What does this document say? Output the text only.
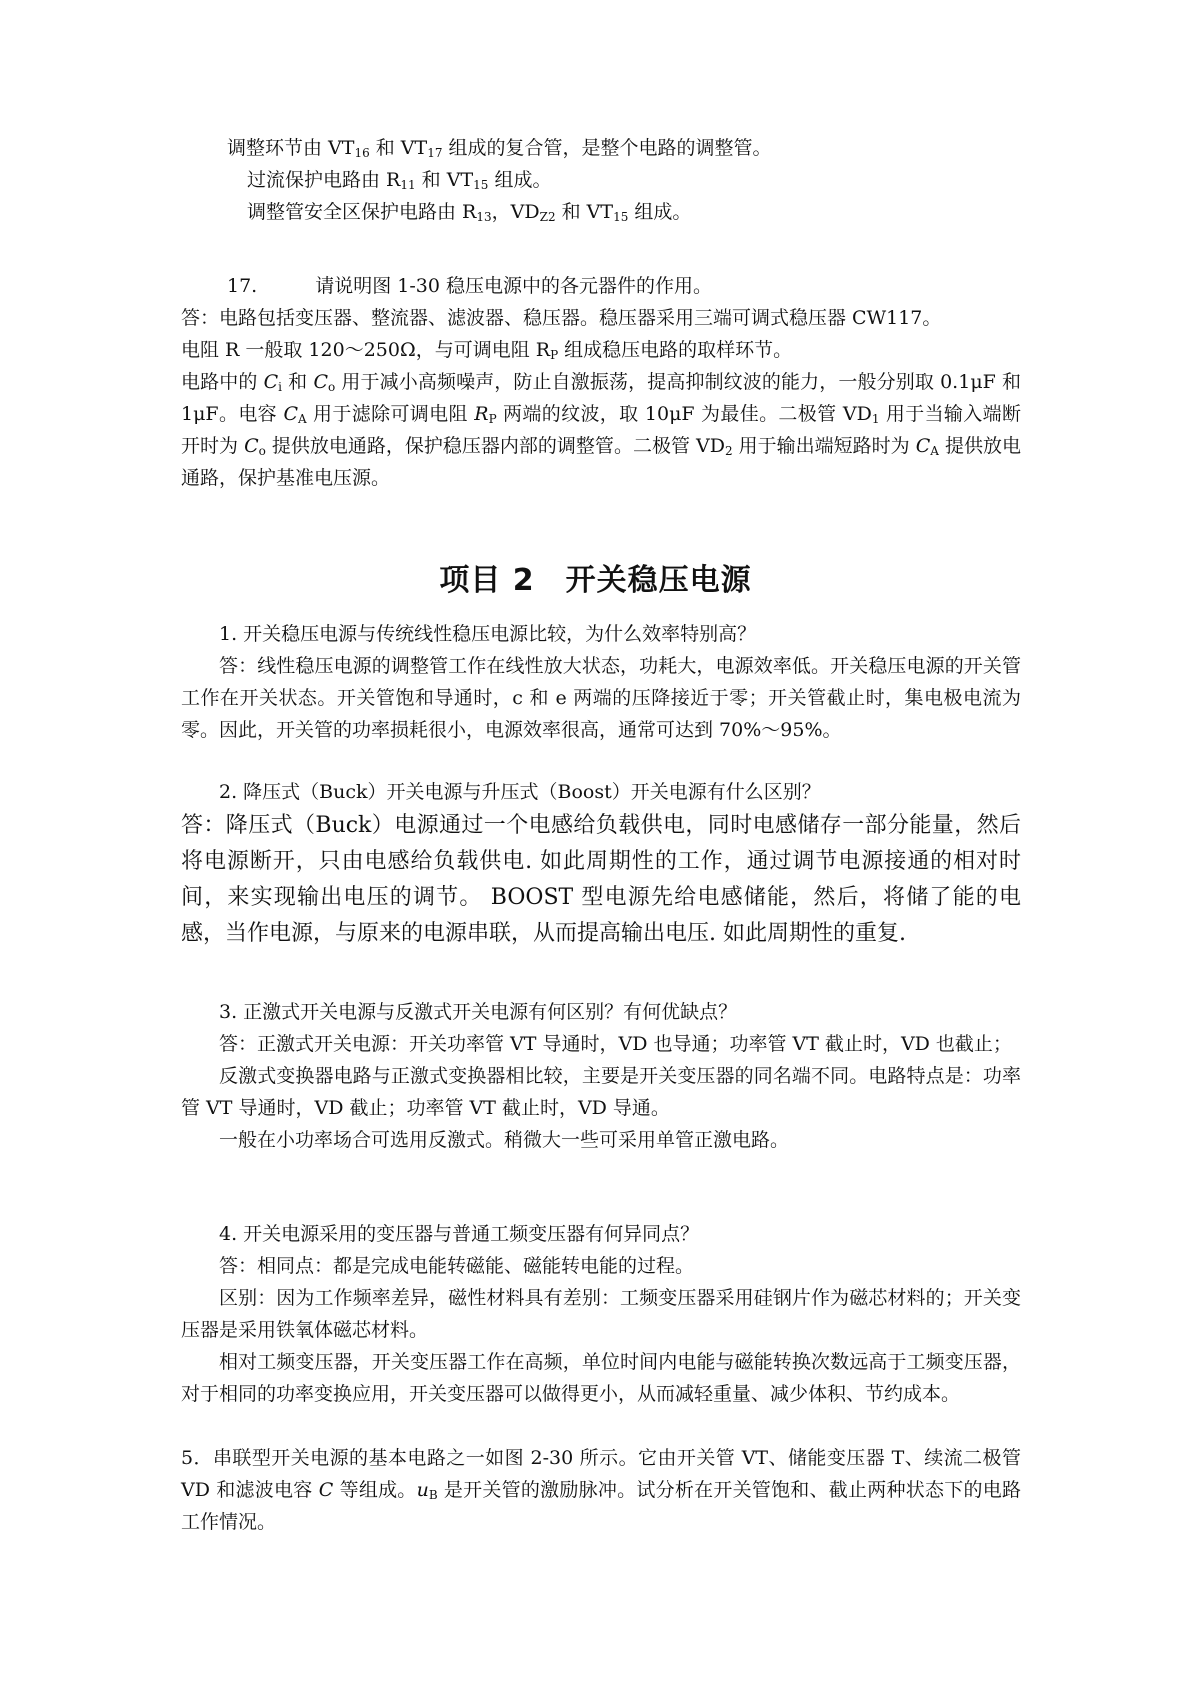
调整环节由 $VT_{16}$ 和 $VT_{17}$ 组成的复合管，是整个电路的调整管。

过流保护电路由 $R_{11}$ 和 $VT_{15}$ 组成。

调整管安全区保护电路由 $R_{13}$，$VD_{Z2}$ 和 $VT_{15}$ 组成。

17.	请说明图 1-30 稳压电源中的各元器件的作用。

答：电路包括变压器、整流器、滤波器、稳压器。稳压器采用三端可调式稳压器 CW117。

电阻 R 一般取 120～250Ω，与可调电阻 $R_P$ 组成稳压电路的取样环节。

电路中的 $C_i$ 和 $C_o$ 用于减小高频噪声，防止自激振荡，提高抑制纹波的能力，一般分别取 0.1μF 和 1μF。电容 $C_A$ 用于滤除可调电阻 $R_P$ 两端的纹波，取 10μF 为最佳。二极管 $VD_1$ 用于当输入端断开时为 $C_o$ 提供放电通路，保护稳压器内部的调整管。二极管 $VD_2$ 用于输出端短路时为 $C_A$ 提供放电通路，保护基准电压源。

项目 2　开关稳压电源

1. 开关稳压电源与传统线性稳压电源比较，为什么效率特别高？

答：线性稳压电源的调整管工作在线性放大状态，功耗大，电源效率低。开关稳压电源的开关管工作在开关状态。开关管饱和导通时，c 和 e 两端的压降接近于零；开关管截止时，集电极电流为零。因此，开关管的功率损耗很小，电源效率很高，通常可达到 70%～95%。

2. 降压式（Buck）开关电源与升压式（Boost）开关电源有什么区别？

答：降压式（Buck）电源通过一个电感给负载供电，同时电感储存一部分能量，然后将电源断开，只由电感给负载供电. 如此周期性的工作，通过调节电源接通的相对时间，来实现输出电压的调节。 BOOST 型电源先给电感储能，然后，将储了能的电感，当作电源，与原来的电源串联，从而提高输出电压. 如此周期性的重复.

3. 正激式开关电源与反激式开关电源有何区别？有何优缺点？

答：正激式开关电源：开关功率管 VT 导通时，VD 也导通；功率管 VT 截止时，VD 也截止；

反激式变换器电路与正激式变换器相比较，主要是开关变压器的同名端不同。电路特点是：功率管 VT 导通时，VD 截止；功率管 VT 截止时，VD 导通。

一般在小功率场合可选用反激式。稍微大一些可采用单管正激电路。

4. 开关电源采用的变压器与普通工频变压器有何异同点？

答：相同点：都是完成电能转磁能、磁能转电能的过程。

区别：因为工作频率差异，磁性材料具有差别：工频变压器采用硅钢片作为磁芯材料的；开关变压器是采用铁氧体磁芯材料。

相对工频变压器，开关变压器工作在高频，单位时间内电能与磁能转换次数远高于工频变压器，对于相同的功率变换应用，开关变压器可以做得更小，从而减轻重量、减少体积、节约成本。

5．串联型开关电源的基本电路之一如图 2-30 所示。它由开关管 VT、储能变压器 T、续流二极管 VD 和滤波电容 C 等组成。$u_B$ 是开关管的激励脉冲。试分析在开关管饱和、截止两种状态下的电路工作情况。
